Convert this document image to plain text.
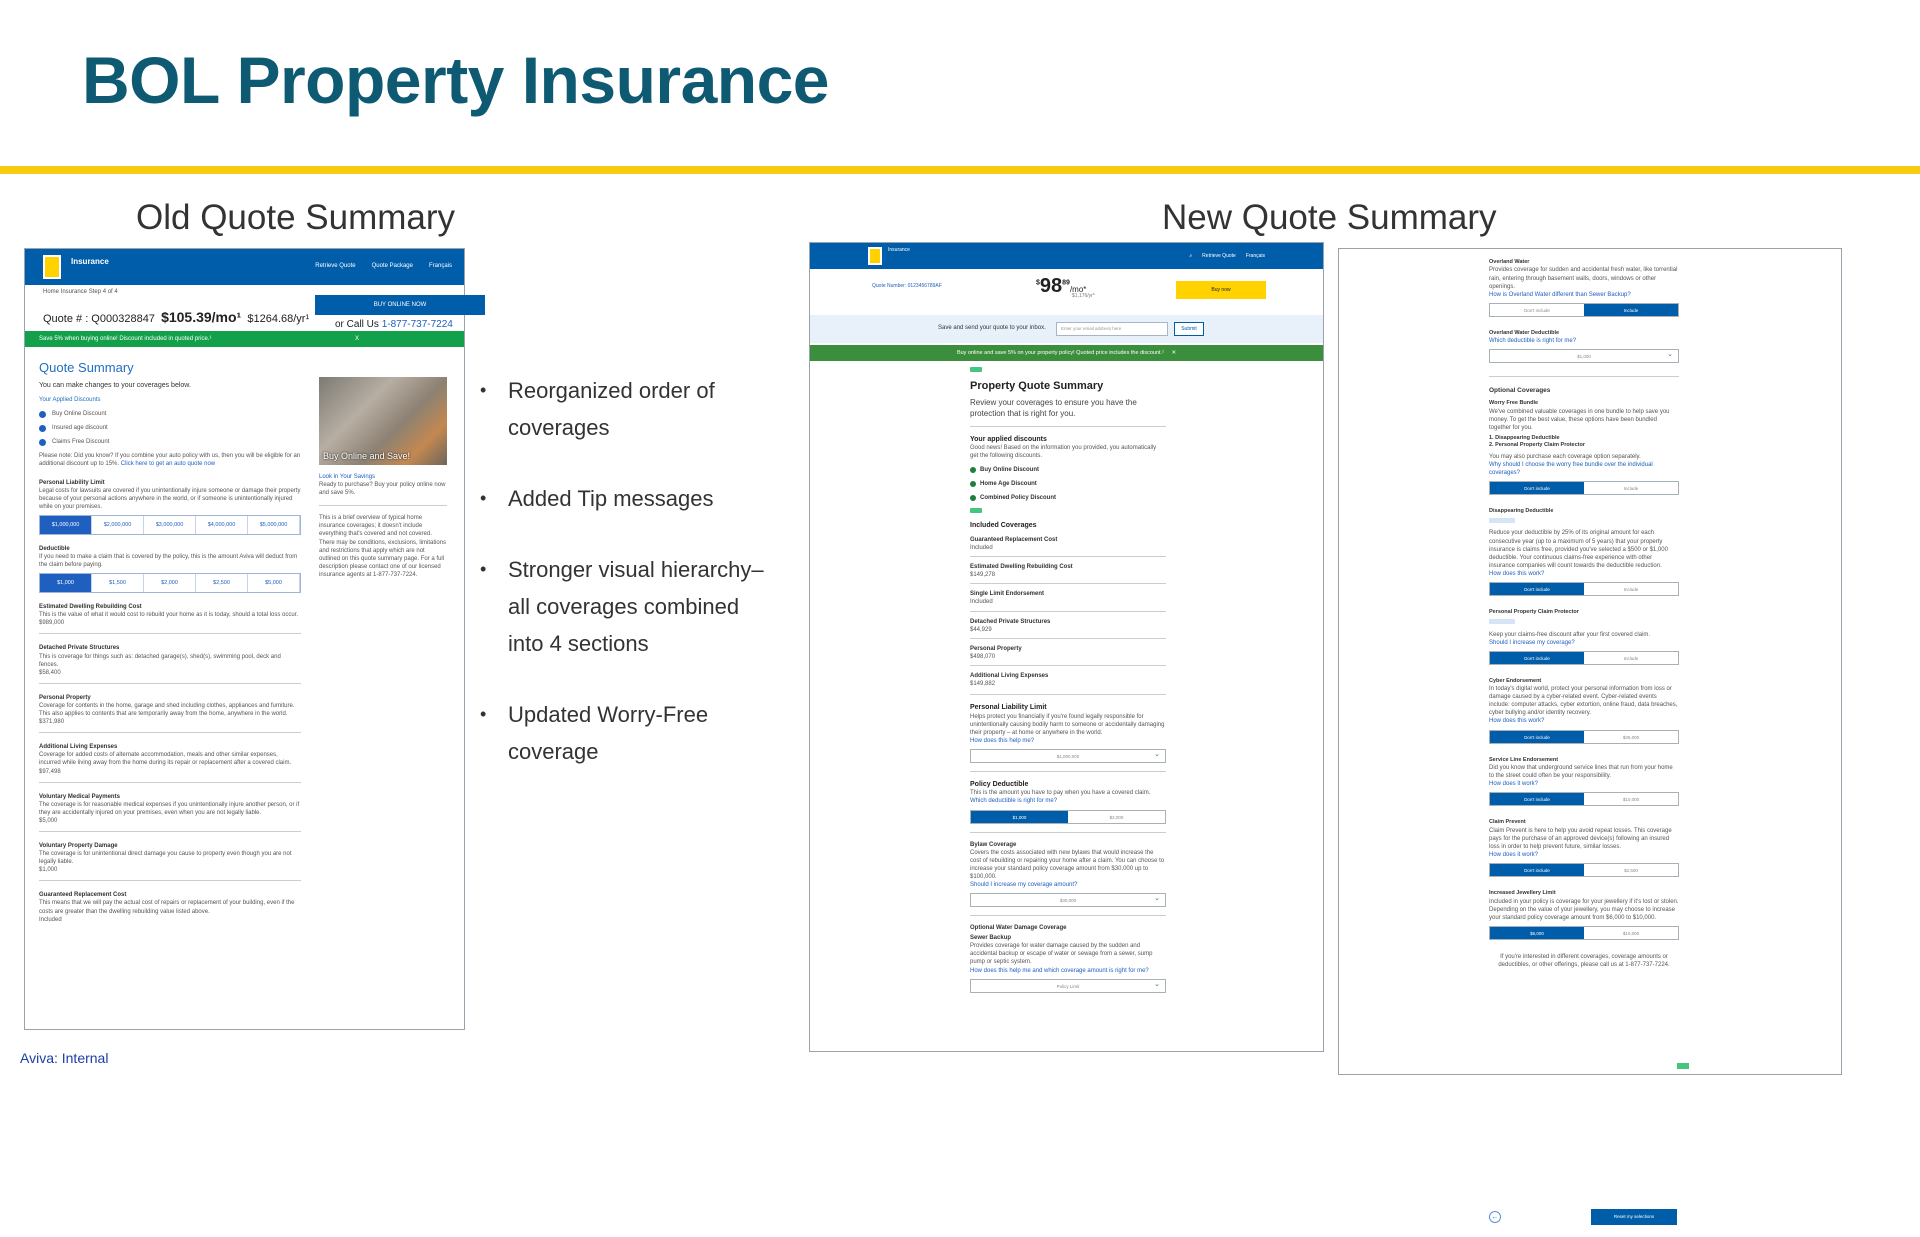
BOL Property Insurance
Old Quote Summary	New Quote Summary
Insurance	Retrieve Quote	Quote Package	Français
Home Insurance Step 4 of 4
Quote # : Q000328847 $105.39/mo¹ $1264.68/yr¹
BUY ONLINE NOW
or Call Us 1-877-737-7224
Save 5% when buying online! Discount included in quoted price.¹	X
Quote Summary
You can make changes to your coverages below.
Your Applied Discounts
Buy Online Discount
Insured age discount
Claims Free Discount
Please note: Did you know? If you combine your auto policy with us, then you will be eligible for an additional discount up to 15%. Click here to get an auto quote now
Personal Liability Limit
Legal costs for lawsuits are covered if you unintentionally injure someone or damage their property because of your personal actions anywhere in the world, or if someone is unintentionally injured while on your premises.
$1,000,000	$2,000,000	$3,000,000	$4,000,000	$5,000,000
Deductible
If you need to make a claim that is covered by the policy, this is the amount Aviva will deduct from the claim before paying.
$1,000	$1,500	$2,000	$2,500	$5,000
Estimated Dwelling Rebuilding Cost
This is the value of what it would cost to rebuild your home as it is today, should a total loss occur.
$989,000
Detached Private Structures
This is coverage for things such as: detached garage(s), shed(s), swimming pool, deck and fences.
$58,400
Personal Property
Coverage for contents in the home, garage and shed including clothes, appliances and furniture. This also applies to contents that are temporarily away from the home, anywhere in the world.
$371,980
Additional Living Expenses
Coverage for added costs of alternate accommodation, meals and other similar expenses, incurred while living away from the home during its repair or replacement after a covered claim.
$97,498
Voluntary Medical Payments
The coverage is for reasonable medical expenses if you unintentionally injure another person, or if they are accidentally injured on your premises, even when you are not legally liable.
$5,000
Voluntary Property Damage
The coverage is for unintentional direct damage you cause to property even though you are not legally liable.
$1,000
Guaranteed Replacement Cost
This means that we will pay the actual cost of repairs or replacement of your building, even if the costs are greater than the dwelling rebuilding value listed above.
Included
Buy Online and Save!
Look in Your Savings
Ready to purchase? Buy your policy online now and save 5%.
This is a brief overview of typical home insurance coverages; it doesn't include everything that's covered and not covered. There may be conditions, exclusions, limitations and restrictions that apply which are not outlined on this quote summary page. For a full description please contact one of our licensed insurance agents at 1-877-737-7224.
• Reorganized order of coverages
• Added Tip messages
• Stronger visual hierarchy– all coverages combined into 4 sections
• Updated Worry-Free coverage
Insurance
⌕ Retrieve Quote Français
Quote Number: 0123456789AF	$^{\$}98^{89}/mo*$
$1,176/yr*
Buy now
Save and send your quote to your inbox.	Enter your email address here	Submit
Buy online and save 5% on your property policy! Quoted price includes the discount.¹ ✕
Property Quote Summary
Review your coverages to ensure you have the protection that is right for you.
Your applied discounts
Good news! Based on the information you provided, you automatically get the following discounts.
Buy Online Discount
Home Age Discount
Combined Policy Discount
Included Coverages
Guaranteed Replacement Cost
Included
Estimated Dwelling Rebuilding Cost
$149,278
Single Limit Endorsement
Included
Detached Private Structures
$44,929
Personal Property
$498,070
Additional Living Expenses
$149,882
Personal Liability Limit
Helps protect you financially if you're found legally responsible for unintentionally causing bodily harm to someone or accidentally damaging their property – at home or anywhere in the world.
How does this help me?
$1,000,000 ⌄
Policy Deductible
This is the amount you have to pay when you have a covered claim.
Which deductible is right for me?
$1,000	$2,000
Bylaw Coverage
Covers the costs associated with new bylaws that would increase the cost of rebuilding or repairing your home after a claim. You can choose to increase your standard policy coverage amount from $30,000 up to $100,000.
Should I increase my coverage amount?
$30,000 ⌄
Optional Water Damage Coverage
Sewer Backup
Provides coverage for water damage caused by the sudden and accidental backup or escape of water or sewage from a sewer, sump pump or septic system.
How does this help me and which coverage amount is right for me?
Policy Limit ⌄
Overland Water
Provides coverage for sudden and accidental fresh water, like torrential rain, entering through basement walls, doors, windows or other openings.
How is Overland Water different than Sewer Backup?
Don't include	Include
Overland Water Deductible
Which deductible is right for me?
$1,000 ⌄
Optional Coverages
Worry Free Bundle
We've combined valuable coverages in one bundle to help save you money. To get the best value, these options have been bundled together for you.
1. Disappearing Deductible
2. Personal Property Claim Protector
You may also purchase each coverage option separately.
Why should I choose the worry free bundle over the individual coverages?
Don't include	Include
Disappearing Deductible
Reduce your deductible by 25% of its original amount for each consecutive year (up to a maximum of 5 years) that your property insurance is claims free, provided you've selected a $500 or $1,000 deductible. Your continuous claims-free experience with other insurance companies will count towards the deductible reduction.
How does this work?
Don't include	Include
Personal Property Claim Protector
Keep your claims-free discount after your first covered claim.
Should I increase my coverage?
Don't include	Include
Cyber Endorsement
In today's digital world, protect your personal information from loss or damage caused by a cyber-related event. Cyber-related events include: computer attacks, cyber extortion, online fraud, data breaches, cyber bullying and/or identity recovery.
How does this work?
Don't include	$25,000
Service Line Endorsement
Did you know that underground service lines that run from your home to the street could often be your responsibility.
How does it work?
Don't include	$10,000
Claim Prevent
Claim Prevent is here to help you avoid repeat losses. This coverage pays for the purchase of an approved device(s) following an insured loss in order to help prevent future, similar losses.
How does it work?
Don't include	$2,500
Increased Jewellery Limit
Included in your policy is coverage for your jewellery if it's lost or stolen. Depending on the value of your jewellery, you may choose to increase your standard policy coverage amount from $6,000 to $10,000.
$6,000	$10,000
If you're interested in different coverages, coverage amounts or deductibles, or other offerings, please call us at 1-877-737-7224.
←	Reset my selections
Aviva: Internal
